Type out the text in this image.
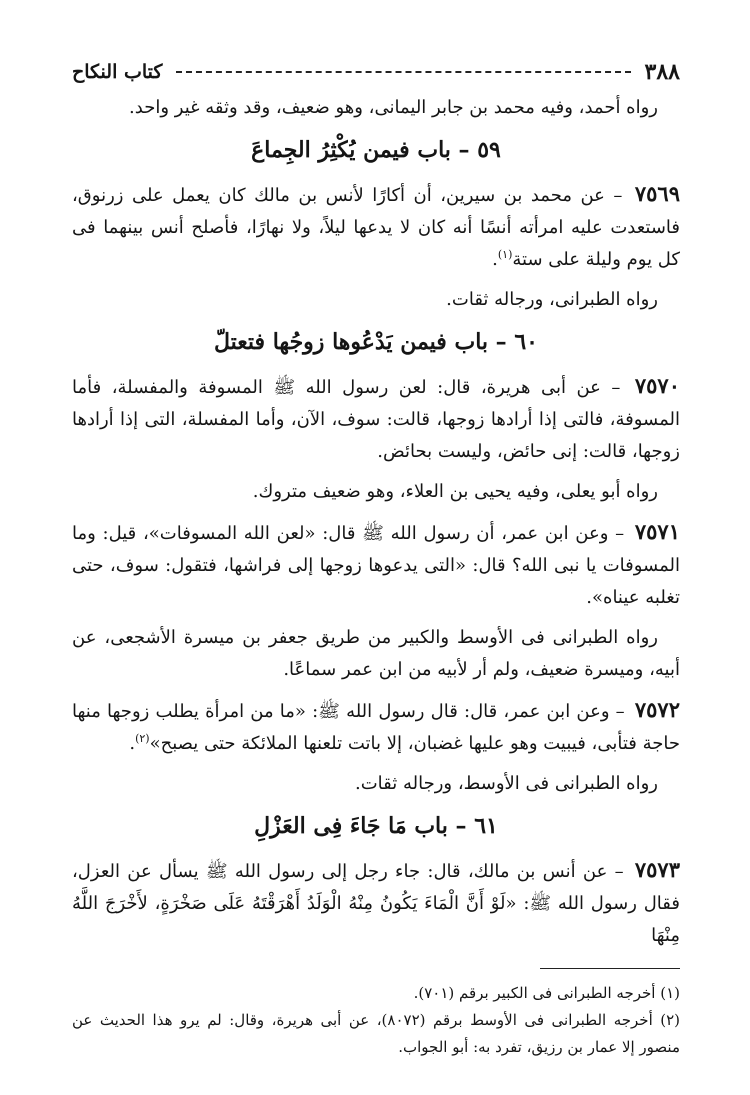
٣٨٨
كتاب النكاح

رواه أحمد، وفيه محمد بن جابر اليمانى، وهو ضعيف، وقد وثقه غير واحد.

٥٩ – باب فيمن يُكْثِرُ الجِماعَ

٧٥٦٩ – عن محمد بن سيرين، أن أكارًا لأنس بن مالك كان يعمل على زرنوق، فاستعدت عليه امرأته أنسًا أنه كان لا يدعها ليلاً، ولا نهارًا، فأصلح أنس بينهما فى كل يوم وليلة على ستة$^{(١)}$.

رواه الطبرانى، ورجاله ثقات.

٦٠ – باب فيمن يَدْعُوها زوجُها فتعتلّ

٧٥٧٠ – عن أبى هريرة، قال: لعن رسول الله ﷺ المسوفة والمفسلة، فأما المسوفة، فالتى إذا أرادها زوجها، قالت: سوف، الآن، وأما المفسلة، التى إذا أرادها زوجها، قالت: إنى حائض، وليست بحائض.

رواه أبو يعلى، وفيه يحيى بن العلاء، وهو ضعيف متروك.

٧٥٧١ – وعن ابن عمر، أن رسول الله ﷺ قال: «لعن الله المسوفات»، قيل: وما المسوفات يا نبى الله؟ قال: «التى يدعوها زوجها إلى فراشها، فتقول: سوف، حتى تغلبه عيناه».

رواه الطبرانى فى الأوسط والكبير من طريق جعفر بن ميسرة الأشجعى، عن أبيه، وميسرة ضعيف، ولم أر لأبيه من ابن عمر سماعًا.

٧٥٧٢ – وعن ابن عمر، قال: قال رسول الله ﷺ: «ما من امرأة يطلب زوجها منها حاجة فتأبى، فيبيت وهو عليها غضبان، إلا باتت تلعنها الملائكة حتى يصبح»$^{(٢)}$.

رواه الطبرانى فى الأوسط، ورجاله ثقات.

٦١ – باب مَا جَاءَ فِى العَزْلِ

٧٥٧٣ – عن أنس بن مالك، قال: جاء رجل إلى رسول الله ﷺ يسأل عن العزل، فقال رسول الله ﷺ: «لَوْ أَنَّ الْمَاءَ يَكُونُ مِنْهُ الْوَلَدُ أَهْرَقْتَهُ عَلَى صَخْرَةٍ، لأَخْرَجَ اللَّهُ مِنْهَا

(١) أخرجه الطبرانى فى الكبير برقم (٧٠١).

(٢) أخرجه الطبرانى فى الأوسط برقم (٨٠٧٢)، عن أبى هريرة، وقال: لم يرو هذا الحديث عن منصور إلا عمار بن رزيق، تفرد به: أبو الجواب.
